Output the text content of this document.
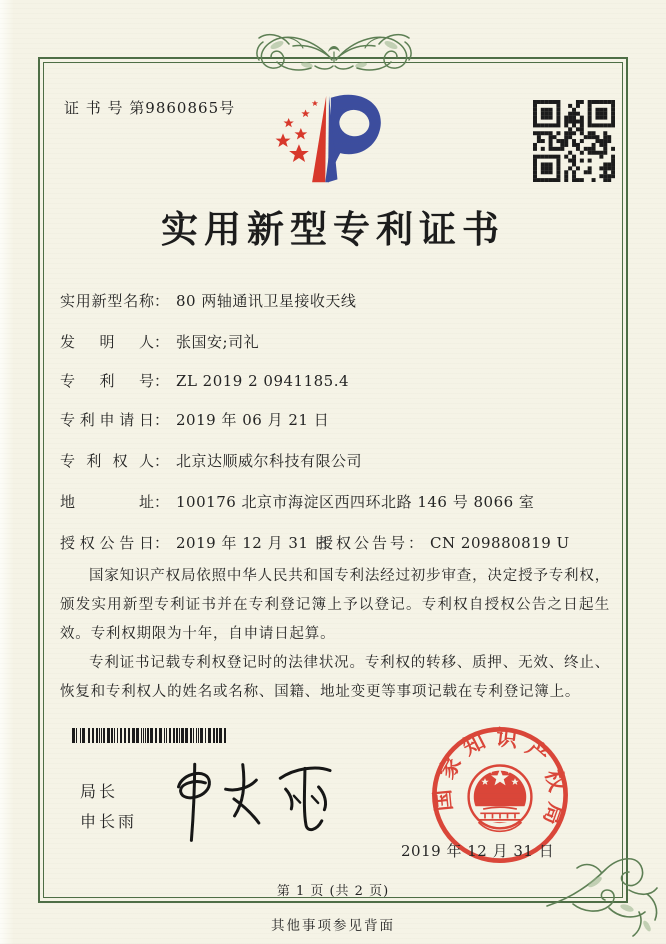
证 书 号 第9860865号
实用新型专利证书
实用新型名称： 80 两轴通讯卫星接收天线
发明人： 张国安;司礼
专利号： ZL 2019 2 0941185.4
专利申请日： 2019 年 06 月 21 日
专利权人： 北京达顺威尔科技有限公司
地址： 100176 北京市海淀区西四环北路 146 号 8066 室
授权公告日： 2019 年 12 月 31 日
授权公告号： CN 209880819 U

国家知识产权局依照中华人民共和国专利法经过初步审查，决定授予专利权，颁发实用新型专利证书并在专利登记簿上予以登记。专利权自授权公告之日起生效。专利权期限为十年，自申请日起算。

专利证书记载专利权登记时的法律状况。专利权的转移、质押、无效、终止、恢复和专利权人的姓名或名称、国籍、地址变更等事项记载在专利登记簿上。

局长
申长雨
国家知识产权局
2019 年 12 月 31 日
第 1 页 (共 2 页)
其他事项参见背面
